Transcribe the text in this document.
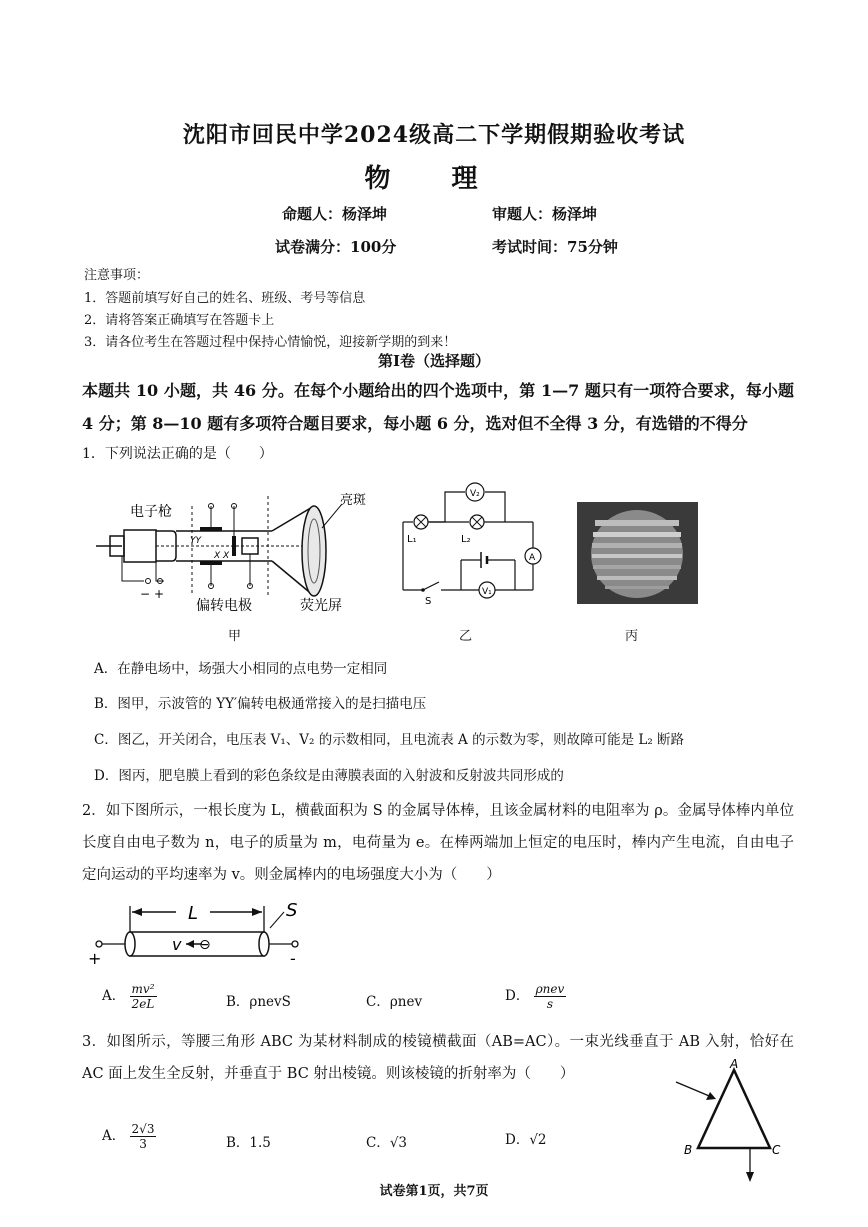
沈阳市回民中学2024级高二下学期假期验收考试
物 理
命题人：杨泽坤	审题人：杨泽坤
试卷满分：100分	考试时间：75分钟
注意事项：
1．答题前填写好自己的姓名、班级、考号等信息
2．请将答案正确填写在答题卡上
3．请各位考生在答题过程中保持心情愉悦，迎接新学期的到来！
第Ⅰ卷（选择题）
本题共 10 小题，共 46 分。在每个小题给出的四个选项中，第 1—7 题只有一项符合要求，每小题 4 分；第 8—10 题有多项符合题目要求，每小题 6 分，选对但不全得 3 分，有选错的不得分
1．下列说法正确的是（　　）
电子枪
亮斑
偏转电极	荧光屏
YY
X X
− +
甲
V₂
A
V₁
L₁	L₂
S
乙	丙
A．在静电场中，场强大小相同的点电势一定相同
B．图甲，示波管的 YY′偏转电极通常接入的是扫描电压
C．图乙，开关闭合，电压表 V₁、V₂ 的示数相同，且电流表 A 的示数为零，则故障可能是 L₂ 断路
D．图丙，肥皂膜上看到的彩色条纹是由薄膜表面的入射波和反射波共同形成的
2．如下图所示，一根长度为 L，横截面积为 S 的金属导体棒，且该金属材料的电阻率为 ρ。金属导体棒内单位长度自由电子数为 n，电子的质量为 m，电荷量为 e。在棒两端加上恒定的电压时，棒内产生电流，自由电子定向运动的平均速率为 v。则金属棒内的电场强度大小为（　　）
L	S
v ⊖
+	-
A． $\frac{\text{mv²}}{2eL}$	B．ρnevS	C．ρnev	D． $\frac{\text{ρnev}}{s}$
3．如图所示，等腰三角形 ABC 为某材料制成的棱镜横截面（AB=AC）。一束光线垂直于 AB 入射，恰好在 AC 面上发生全反射，并垂直于 BC 射出棱镜。则该棱镜的折射率为（　　）
A
B	C
A． $\frac{2√3}{3}$	B．1.5	C．√3	D．√2
试卷第1页，共7页
